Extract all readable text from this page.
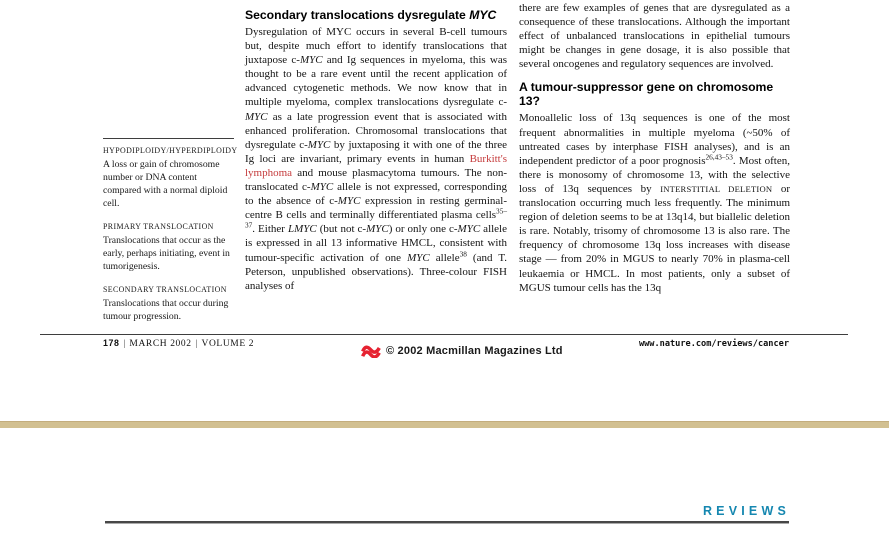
HYPODIPLOIDY/HYPERDIPLOIDY
A loss or gain of chromosome number or DNA content compared with a normal diploid cell.
PRIMARY TRANSLOCATION
Translocations that occur as the early, perhaps initiating, event in tumorigenesis.
SECONDARY TRANSLOCATION
Translocations that occur during tumour progression.
Secondary translocations dysregulate MYC

Dysregulation of MYC occurs in several B-cell tumours but, despite much effort to identify translocations that juxtapose c-MYC and Ig sequences in myeloma, this was thought to be a rare event until the recent application of advanced cytogenetic methods. We now know that in multiple myeloma, complex translocations dysregulate c-MYC as a late progression event that is associated with enhanced proliferation. Chromosomal translocations that dysregulate c-MYC by juxtaposing it with one of the three Ig loci are invariant, primary events in human Burkitt's lymphoma and mouse plasmacytoma tumours. The non-translocated c-MYC allele is not expressed, corresponding to the absence of c-MYC expression in resting germinal-centre B cells and terminally differentiated plasma cells$^{35-37}$. Either LMYC (but not c-MYC) or only one c-MYC allele is expressed in all 13 informative HMCL, consistent with tumour-specific activation of one MYC allele$^{38}$ (and T. Peterson, unpublished observations). Three-colour FISH analyses of

there are few examples of genes that are dysregulated as a consequence of these translocations. Although the important effect of unbalanced translocations in epithelial tumours might be changes in gene dosage, it is also possible that several oncogenes and regulatory sequences are involved.

A tumour-suppressor gene on chromosome 13?

Monoallelic loss of 13q sequences is one of the most frequent abnormalities in multiple myeloma (~50% of untreated cases by interphase FISH analyses), and is an independent predictor of a poor prognosis$^{26,43-53}$. Most often, there is monosomy of chromosome 13, with the selective loss of 13q sequences by INTERSTITIAL DELETION or translocation occurring much less frequently. The minimum region of deletion seems to be at 13q14, but biallelic deletion is rare. Notably, trisomy of chromosome 13 is also rare. The frequency of chromosome 13q loss increases with disease stage — from 20% in MGUS to nearly 70% in plasma-cell leukaemia or HMCL. In most patients, only a subset of MGUS tumour cells has the 13q

178 | MARCH 2002 | VOLUME 2	www.nature.com/reviews/cancer
© 2002 Macmillan Magazines Ltd
REVIEWS
